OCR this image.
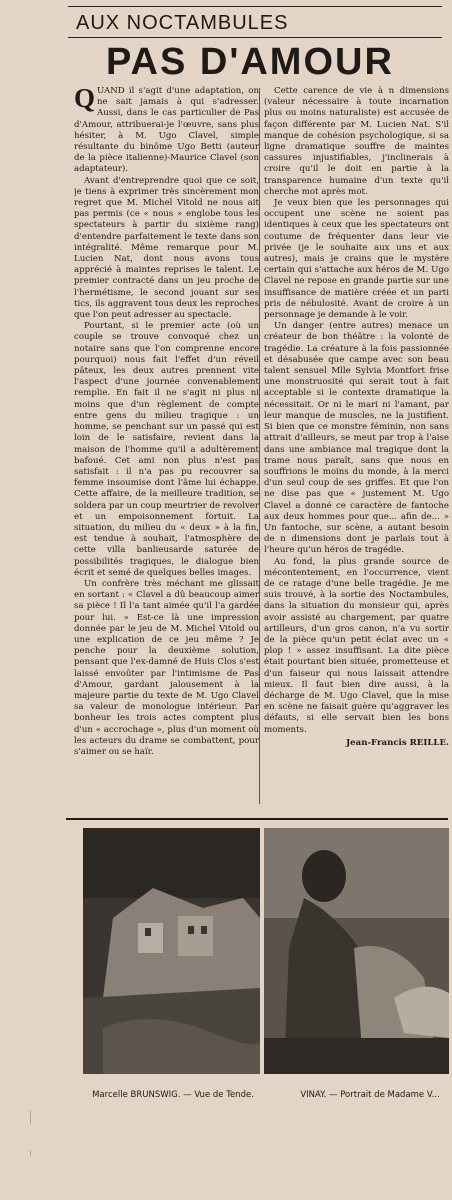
AUX NOCTAMBULES
PAS D'AMOUR

QUAND il s'agit d'une adaptation, on ne sait jamais à qui s'adresser. Aussi, dans le cas particulier de Pas d'Amour, attribuerai-je l'œuvre, sans plus hésiter, à M. Ugo Clavel, simple résultante du binôme Ugo Betti (auteur de la pièce italienne)-Maurice Clavel (son adaptateur).

Avant d'entreprendre quoi que ce soit, je tiens à exprimer très sincèrement mon regret que M. Michel Vitold ne nous ait pas permis (ce « nous » englobe tous les spectateurs à partir du sixième rang) d'entendre parfaitement le texte dans son intégralité. Même remarque pour M. Lucien Nat, dont nous avons tous apprécié à maintes reprises le talent. Le premier contracté dans un jeu proche de l'hermétisme, le second jouant sur ses tics, ils aggravent tous deux les reproches que l'on peut adresser au spectacle.

Pourtant, si le premier acte (où un couple se trouve convoqué chez un notaire sans que l'on comprenne encore pourquoi) nous fait l'effet d'un réveil pâteux, les deux autres prennent vite l'aspect d'une journée convenablement remplie. En fait il ne s'agit ni plus ni moins que d'un règlement de compte entre gens du milieu tragique : un homme, se penchant sur un passé qui est loin de le satisfaire, revient dans la maison de l'homme qu'il a adultèrement bafoué. Cet ami non plus n'est pas satisfait : il n'a pas pu recouvrer sa femme insoumise dont l'âme lui échappe. Cette affaire, de la meilleure tradition, se soldera par un coup meurtrier de revolver et un empoisonnement fortuit. La situation, du milieu du « deux » à la fin, est tendue à souhait, l'atmosphère de cette villa banlieusarde saturée de possibilités tragiques, le dialogue bien écrit et semé de quelques belles images.

Un confrère très méchant me glissait en sortant : « Clavel a dû beaucoup aimer sa pièce ! Il l'a tant aimée qu'il l'a gardée pour lui. » Est-ce là une impression donnée par le jeu de M. Michel Vitold ou une explication de ce jeu même ? Je penche pour la deuxième solution, pensant que l'ex-damné de Huis Clos s'est laissé envoûter par l'intimisme de Pas d'Amour, gardant jalousement à la majeure partie du texte de M. Ugo Clavel sa valeur de monologue intérieur. Par bonheur les trois actes comptent plus d'un « accrochage », plus d'un moment où les acteurs du drame se combattent, pour s'aimer ou se haïr.

Cette carence de vie à n dimensions (valeur nécessaire à toute incarnation plus ou moins naturaliste) est accusée de façon différente par M. Lucien Nat. S'il manque de cohésion psychologique, si sa ligne dramatique souffre de maintes cassures injustifiables, j'inclinerais à croire qu'il le doit en partie à la transparence humaine d'un texte qu'il cherche mot après mot.

Je veux bien que les personnages qui occupent une scène ne soient pas identiques à ceux que les spectateurs ont coutume de fréquenter dans leur vie privée (je le souhaite aux uns et aux autres), mais je crains que le mystère certain qui s'attache aux héros de M. Ugo Clavel ne repose en grande partie sur une insuffisance de matière créée et un parti pris de nébulosité. Avant de croire à un personnage je demande à le voir.

Un danger (entre autres) menace un créateur de bon théâtre : la volonté de tragédie. La créature à la fois passionnée et désabusée que campe avec son beau talent sensuel Mlle Sylvia Montfort frise une monstruosité qui serait tout à fait acceptable si le contexte dramatique la nécessitait. Or ni le mari ni l'amant, par leur manque de muscles, ne la justifient. Si bien que ce monstre féminin, non sans attrait d'ailleurs, se meut par trop à l'aise dans une ambiance mal tragique dont la trame nous paraît, sans que nous en souffrions le moins du monde, à la merci d'un seul coup de ses griffes. Et que l'on ne dise pas que « justement M. Ugo Clavel a donné ce caractère de fantoche aux deux hommes pour que... afin de... » Un fantoche, sur scène, a autant besoin de n dimensions dont je parlais tout à l'heure qu'un héros de tragédie.

Au fond, la plus grande source de mécontentement, en l'occurrence, vient de ce ratage d'une belle tragédie. Je me suis trouvé, à la sortie des Noctambules, dans la situation du monsieur qui, après avoir assisté au chargement, par quatre artilleurs, d'un gros canon, n'a vu sortir de la pièce qu'un petit éclat avec un « plop ! » assez insuffisant. La dite pièce était pourtant bien située, prometteuse et d'un faiseur qui nous laissait attendre mieux. Il faut bien dire aussi, à la décharge de M. Ugo Clavel, que la mise en scène ne faisait guère qu'aggraver les défauts, si elle servait bien les bons moments.

Jean-Francis REILLE.
Marcelle BRUNSWIG. — Vue de Tende.	VINAY. — Portrait de Madame V...
